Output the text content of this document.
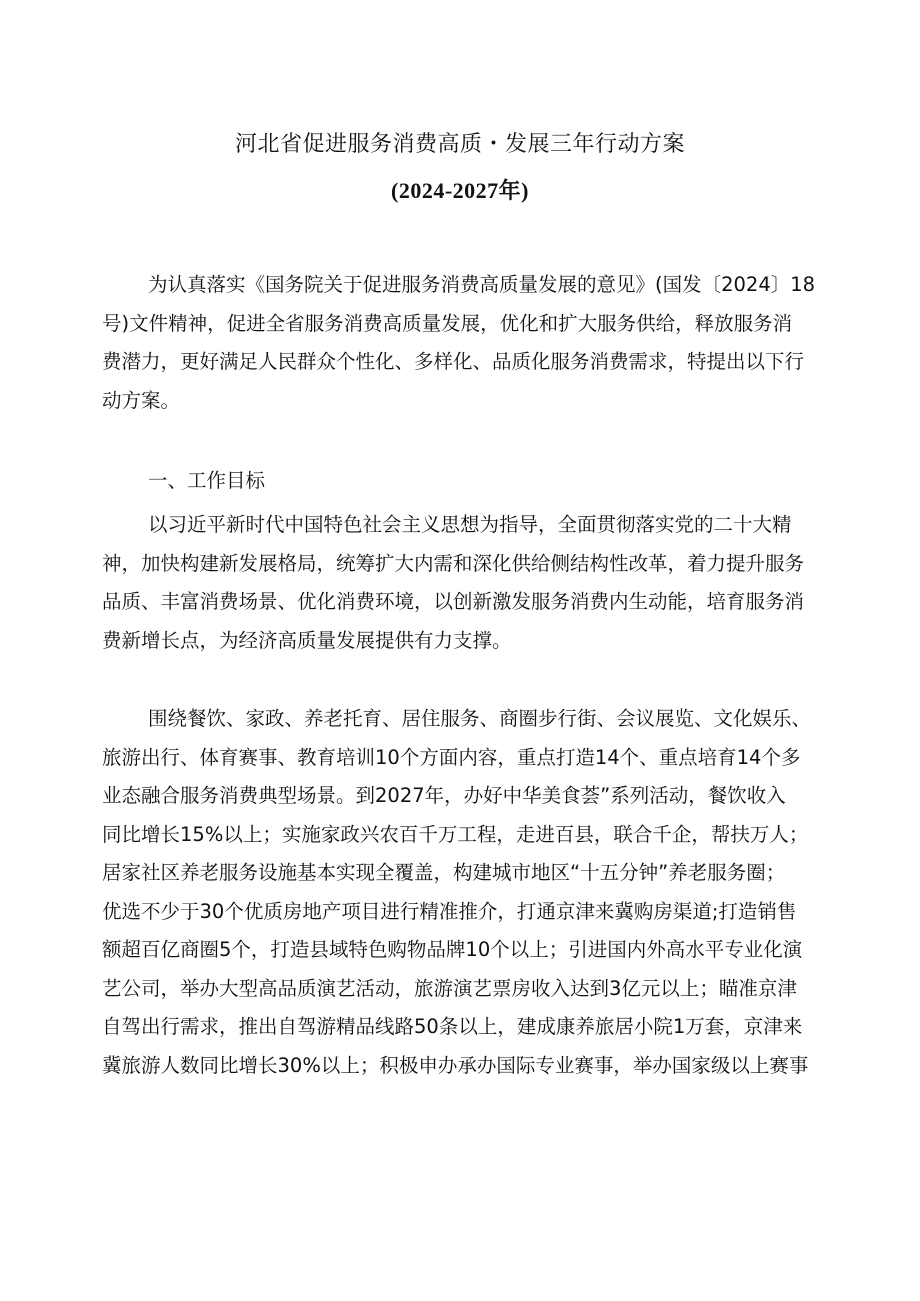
河北省促进服务消费高质・发展三年行动方案
(2024-2027年)
为认真落实《国务院关于促进服务消费高质量发展的意见》(国发〔2024〕18
号)文件精神，促进全省服务消费高质量发展，优化和扩大服务供给，释放服务消
费潜力，更好满足人民群众个性化、多样化、品质化服务消费需求，特提出以下行
动方案。
一、工作目标
以习近平新时代中国特色社会主义思想为指导，全面贯彻落实党的二十大精
神，加快构建新发展格局，统筹扩大内需和深化供给侧结构性改革，着力提升服务
品质、丰富消费场景、优化消费环境，以创新激发服务消费内生动能，培育服务消
费新增长点，为经济高质量发展提供有力支撑。
围绕餐饮、家政、养老托育、居住服务、商圈步行街、会议展览、文化娱乐、
旅游出行、体育赛事、教育培训10个方面内容，重点打造14个、重点培育14个多
业态融合服务消费典型场景。到2027年，办好中华美食荟”系列活动，餐饮收入
同比增长15%以上；实施家政兴农百千万工程，走进百县，联合千企，帮扶万人；
居家社区养老服务设施基本实现全覆盖，构建城市地区“十五分钟”养老服务圈；
优选不少于30个优质房地产项目进行精准推介，打通京津来冀购房渠道;打造销售
额超百亿商圈5个，打造县域特色购物品牌10个以上；引进国内外高水平专业化演
艺公司，举办大型高品质演艺活动，旅游演艺票房收入达到3亿元以上；瞄准京津
自驾出行需求，推出自驾游精品线路50条以上，建成康养旅居小院1万套，京津来
冀旅游人数同比增长30%以上；积极申办承办国际专业赛事，举办国家级以上赛事
